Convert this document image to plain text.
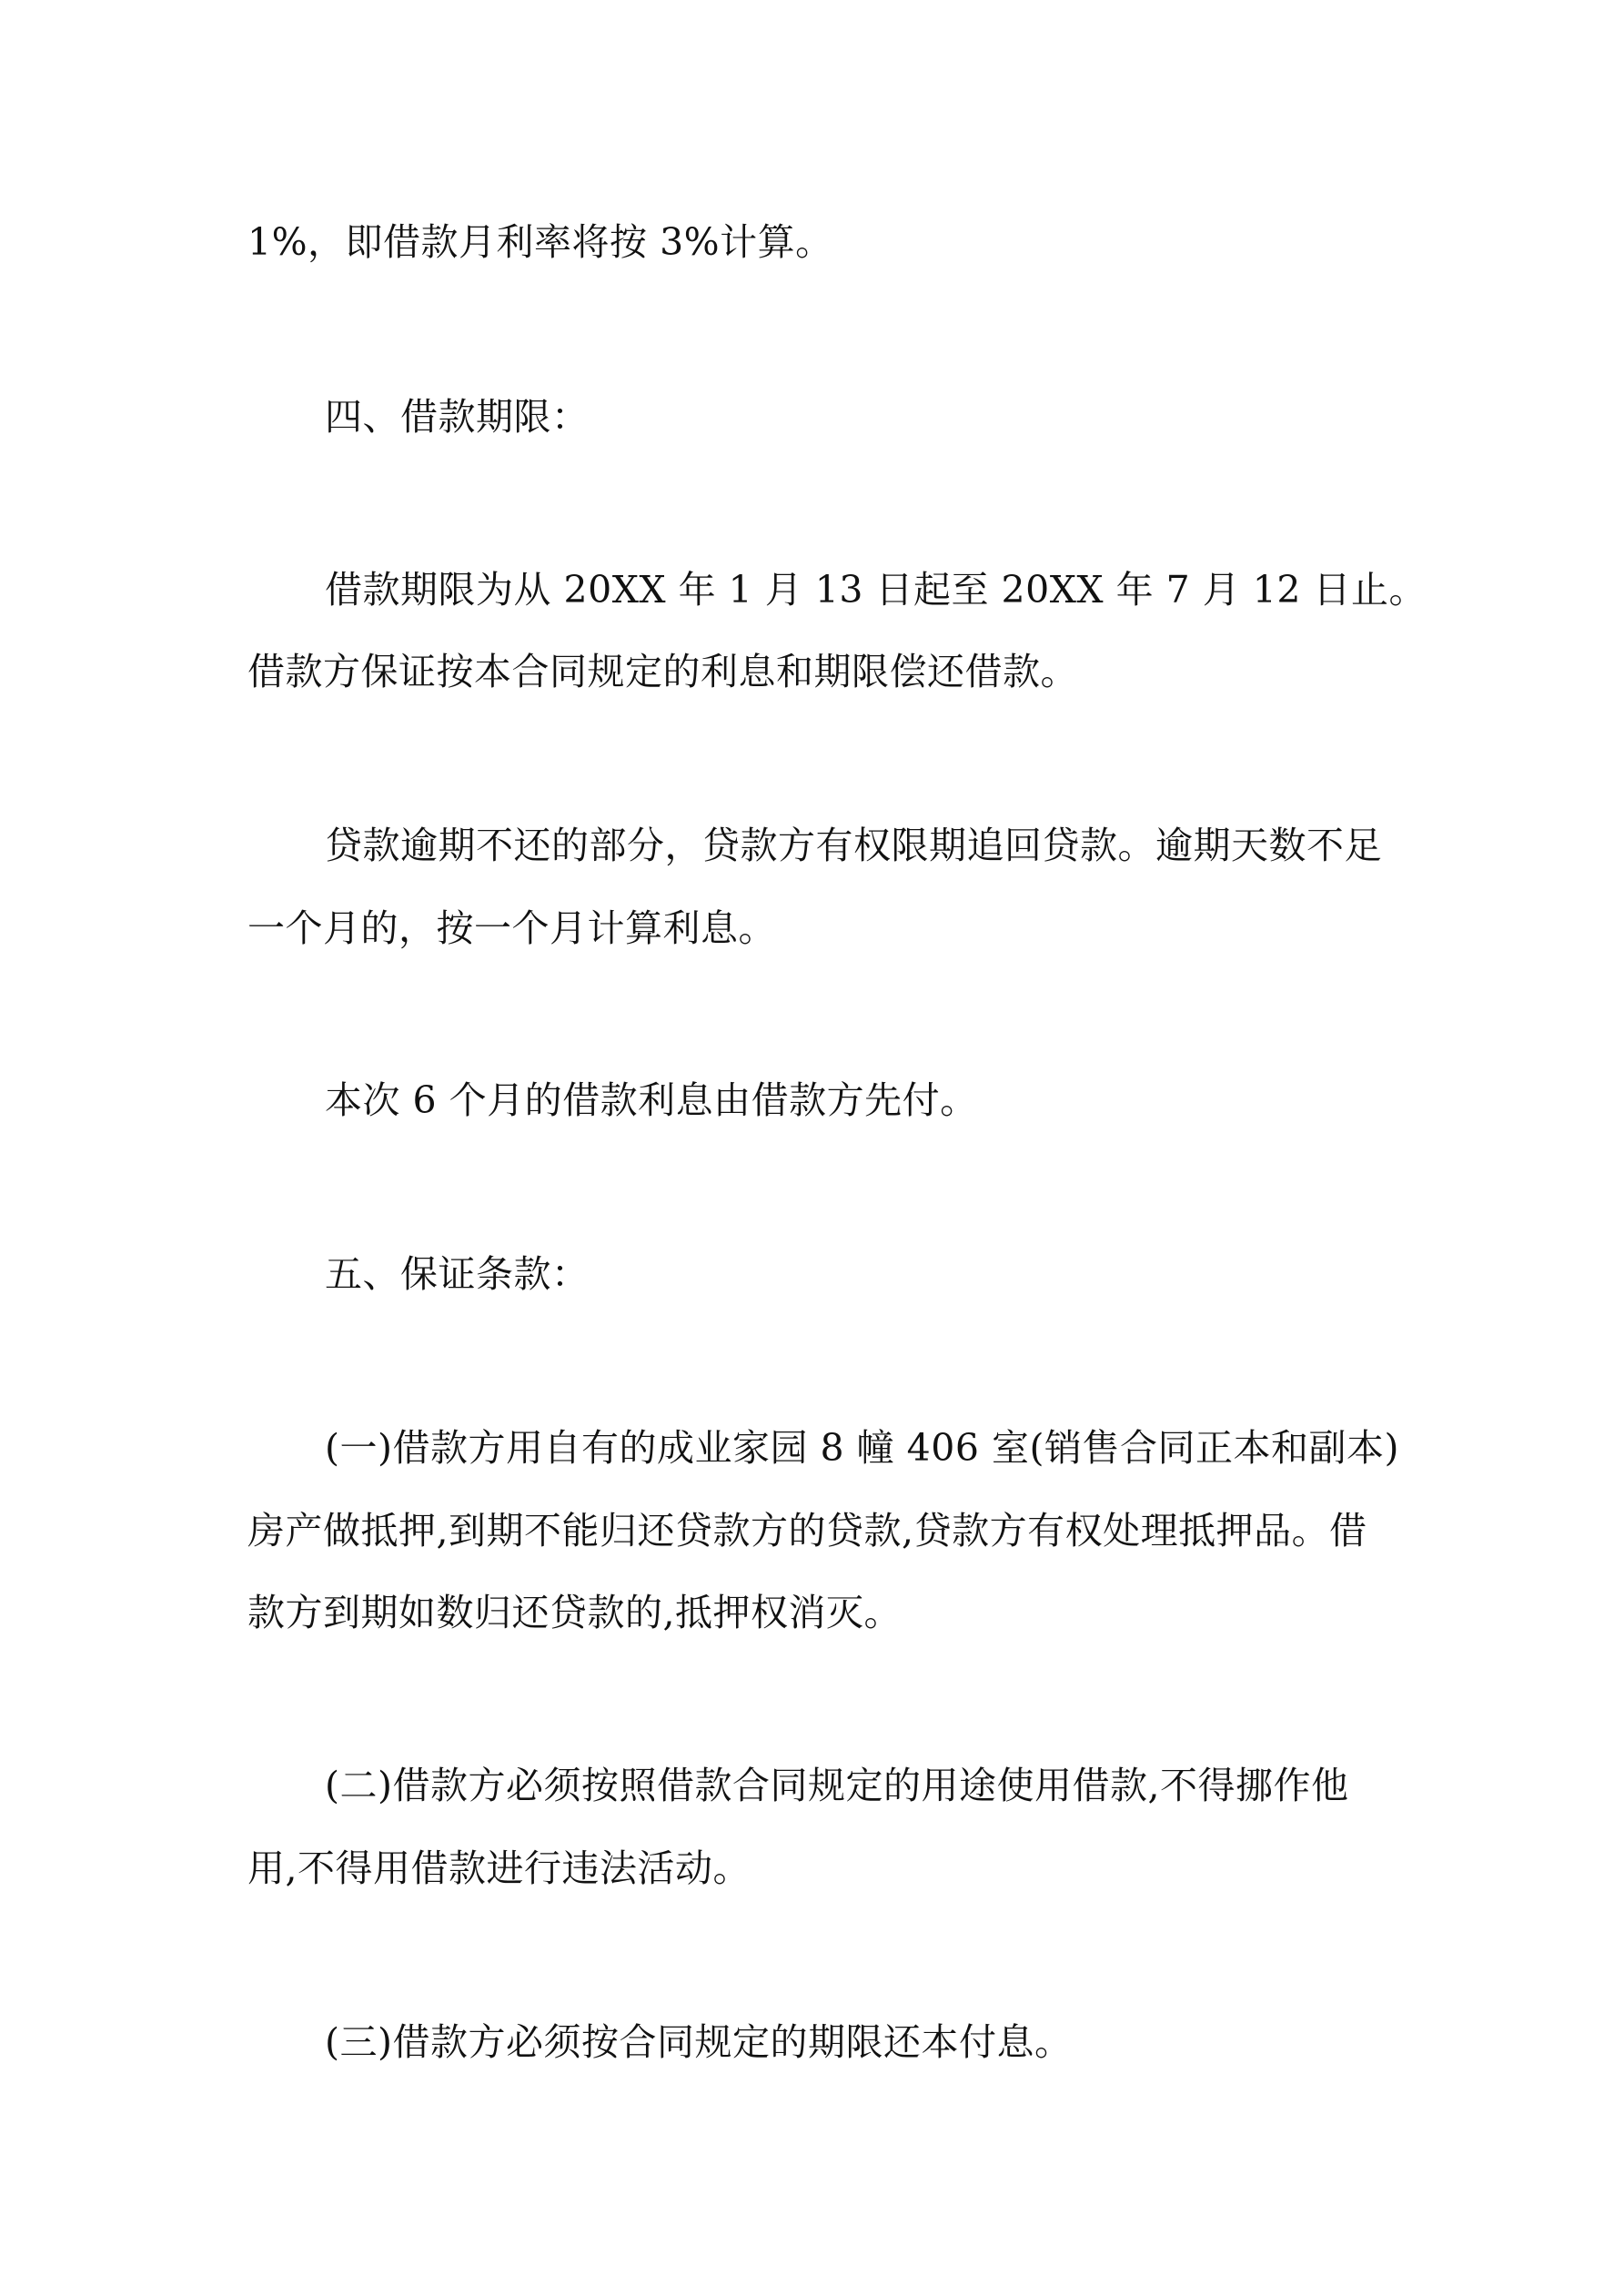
1%，即借款月利率将按 3%计算。
四、借款期限：
借款期限为从 20XX 年 1 月 13 日起至 20XX 年 7 月 12 日止。
借款方保证按本合同规定的利息和期限偿还借款。
贷款逾期不还的部分，贷款方有权限期追回贷款。逾期天数不足
一个月的，按一个月计算利息。
本次 6 个月的借款利息由借款方先付。
五、保证条款：
(一)借款方用自有的成业家园 8 幢 406 室(销售合同正本和副本)
房产做抵押,到期不能归还贷款方的贷款,贷款方有权处理抵押品。借
款方到期如数归还贷款的,抵押权消灭。
(二)借款方必须按照借款合同规定的用途使用借款,不得挪作他
用,不得用借款进行违法活动。
(三)借款方必须按合同规定的期限还本付息。
